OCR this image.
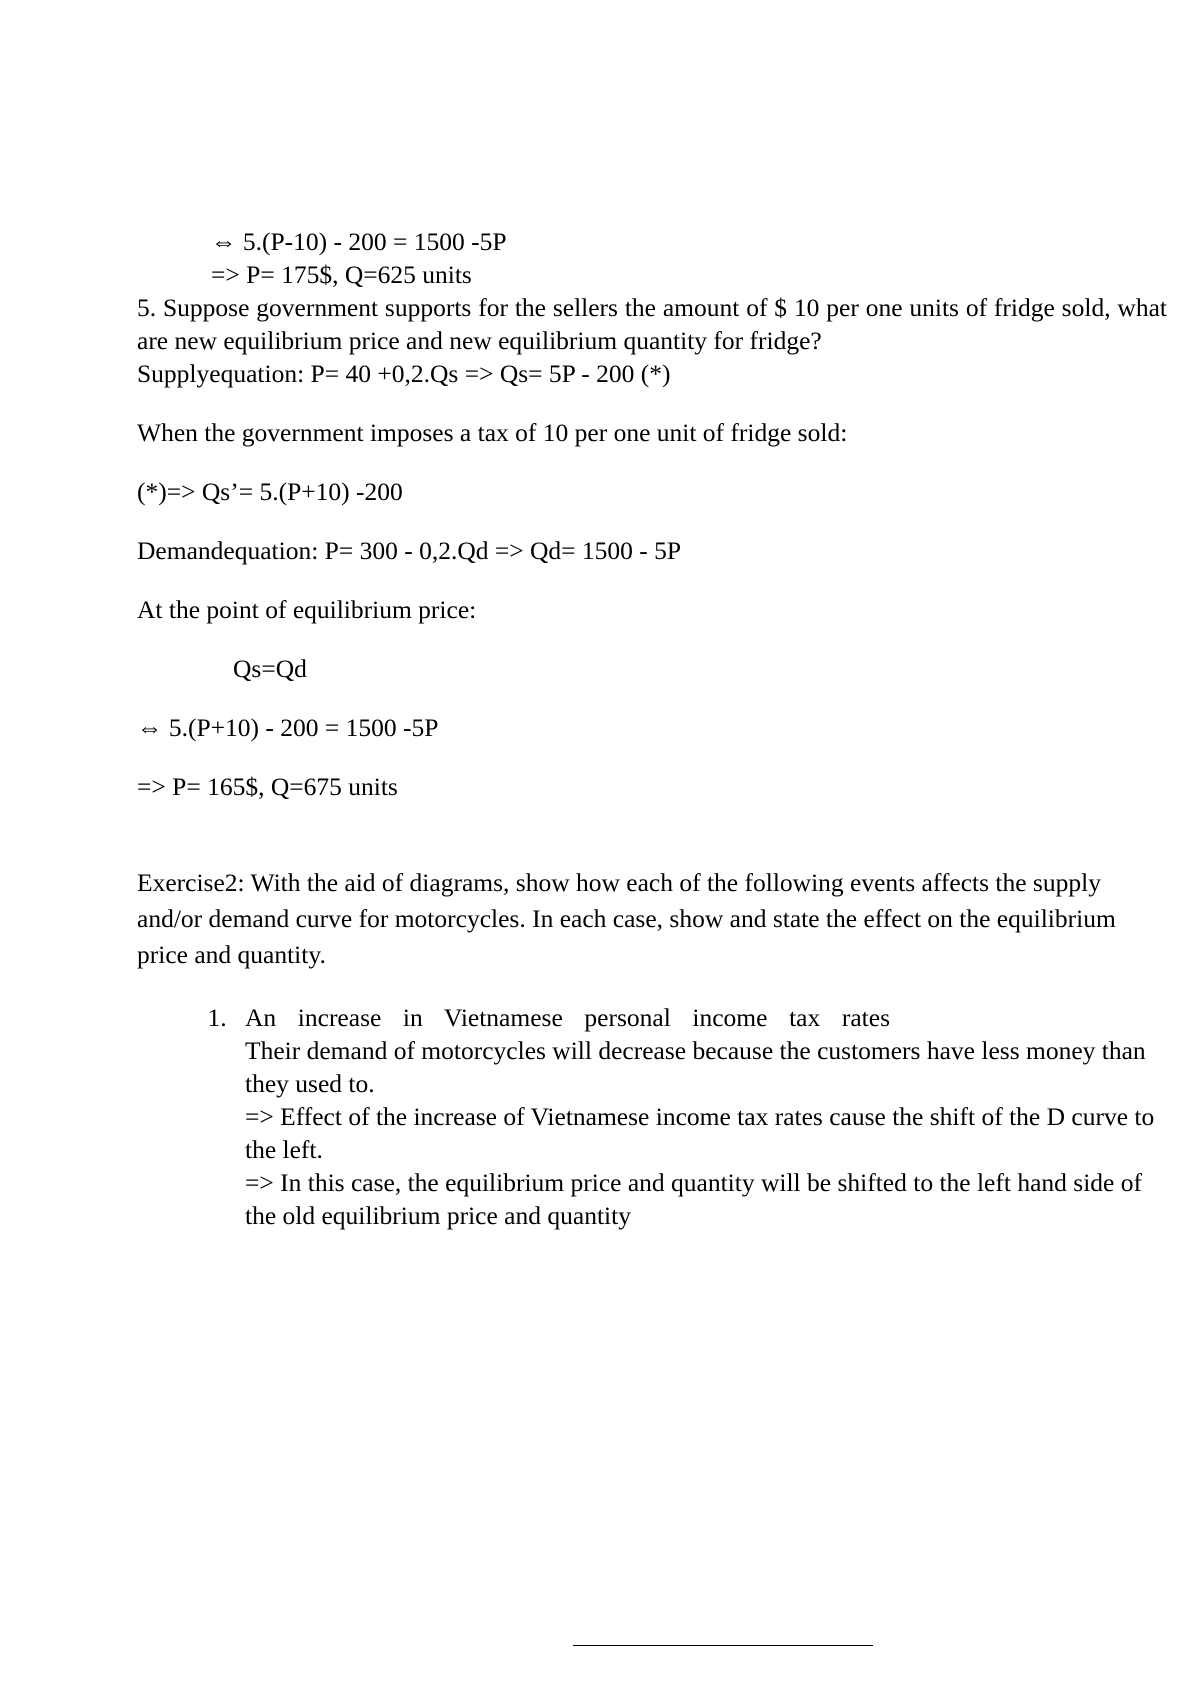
⇔ 5.(P-10) - 200 = 1500 -5P

=> P= 175$, Q=625 units

5. Suppose government supports for the sellers the amount of $ 10 per one units of fridge sold, what are new equilibrium price and new equilibrium quantity for fridge?

Supplyequation: P= 40 +0,2.Qs => Qs= 5P - 200 (*)

When the government imposes a tax of 10 per one unit of fridge sold:

(*)=> Qs’= 5.(P+10) -200

Demandequation: P= 300 - 0,2.Qd => Qd= 1500 - 5P

At the point of equilibrium price:

Qs=Qd

⇔ 5.(P+10) - 200 = 1500 -5P

=> P= 165$, Q=675 units

Exercise2: With the aid of diagrams, show how each of the following events affects the supply and/or demand curve for motorcycles. In each case, show and state the effect on the equilibrium price and quantity.

1. An increase in Vietnamese personal income tax rates
Their demand of motorcycles will decrease because the customers have less money than they used to.
=> Effect of the increase of Vietnamese income tax rates cause the shift of the D curve to the left.
=> In this case, the equilibrium price and quantity will be shifted to the left hand side of the old equilibrium price and quantity
